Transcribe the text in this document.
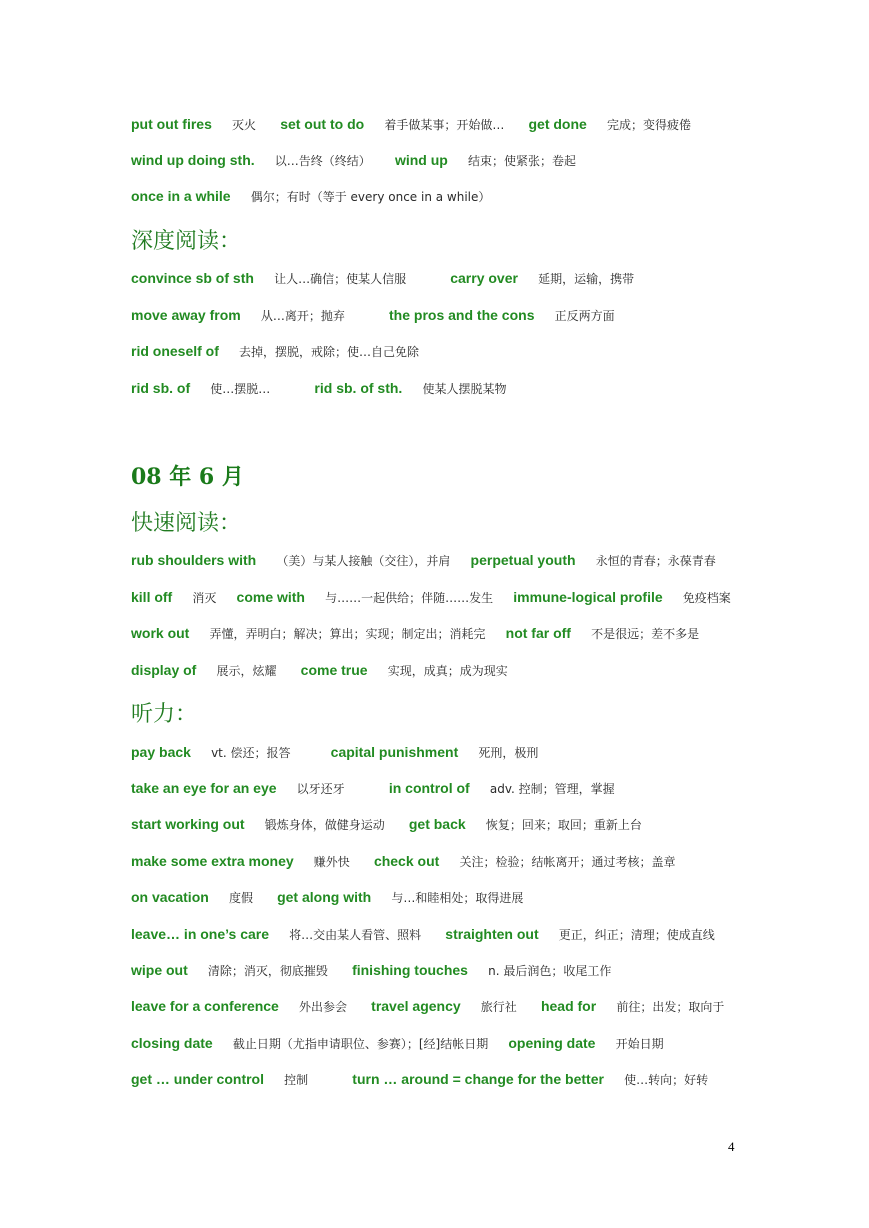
put out fires 灭火 set out to do 着手做某事；开始做… get done 完成；变得疲倦
wind up doing sth. 以…告终（终结） wind up 结束；使紧张；卷起
once in a while 偶尔；有时（等于 every once in a while）
深度阅读：
convince sb of sth 让人…确信；使某人信服	carry over 延期，运输，携带
move away from 从…离开；抛弃	the pros and the cons 正反两方面
rid oneself of 去掉，摆脱，戒除；使…自己免除
rid sb. of 使…摆脱…	rid sb. of sth. 使某人摆脱某物
08 年 6 月
快速阅读：
rub shoulders with （美）与某人接触（交往），并肩 perpetual youth 永恒的青春；永葆青春
kill off 消灭 come with 与……一起供给；伴随……发生 immune-logical profile 免疫档案
work out 弄懂，弄明白；解决；算出；实现；制定出；消耗完 not far off 不是很远；差不多是
display of 展示，炫耀 come true 实现，成真；成为现实
听力：
pay back vt. 偿还；报答	capital punishment 死刑，极刑
take an eye for an eye 以牙还牙	in control of adv. 控制；管理，掌握
start working out 锻炼身体，做健身运动 get back 恢复；回来；取回；重新上台
make some extra money 赚外快 check out 关注；检验；结帐离开；通过考核；盖章
on vacation 度假 get along with 与…和睦相处；取得进展
leave… in one’s care 将…交由某人看管、照料 straighten out 更正，纠正；清理；使成直线
wipe out 清除；消灭，彻底摧毁 finishing touches n. 最后润色；收尾工作
leave for a conference 外出参会 travel agency 旅行社 head for 前往；出发；取向于
closing date 截止日期（尤指申请职位、参赛）；[经]结帐日期 opening date 开始日期
get … under control 控制	turn … around = change for the better 使…转向；好转
4
